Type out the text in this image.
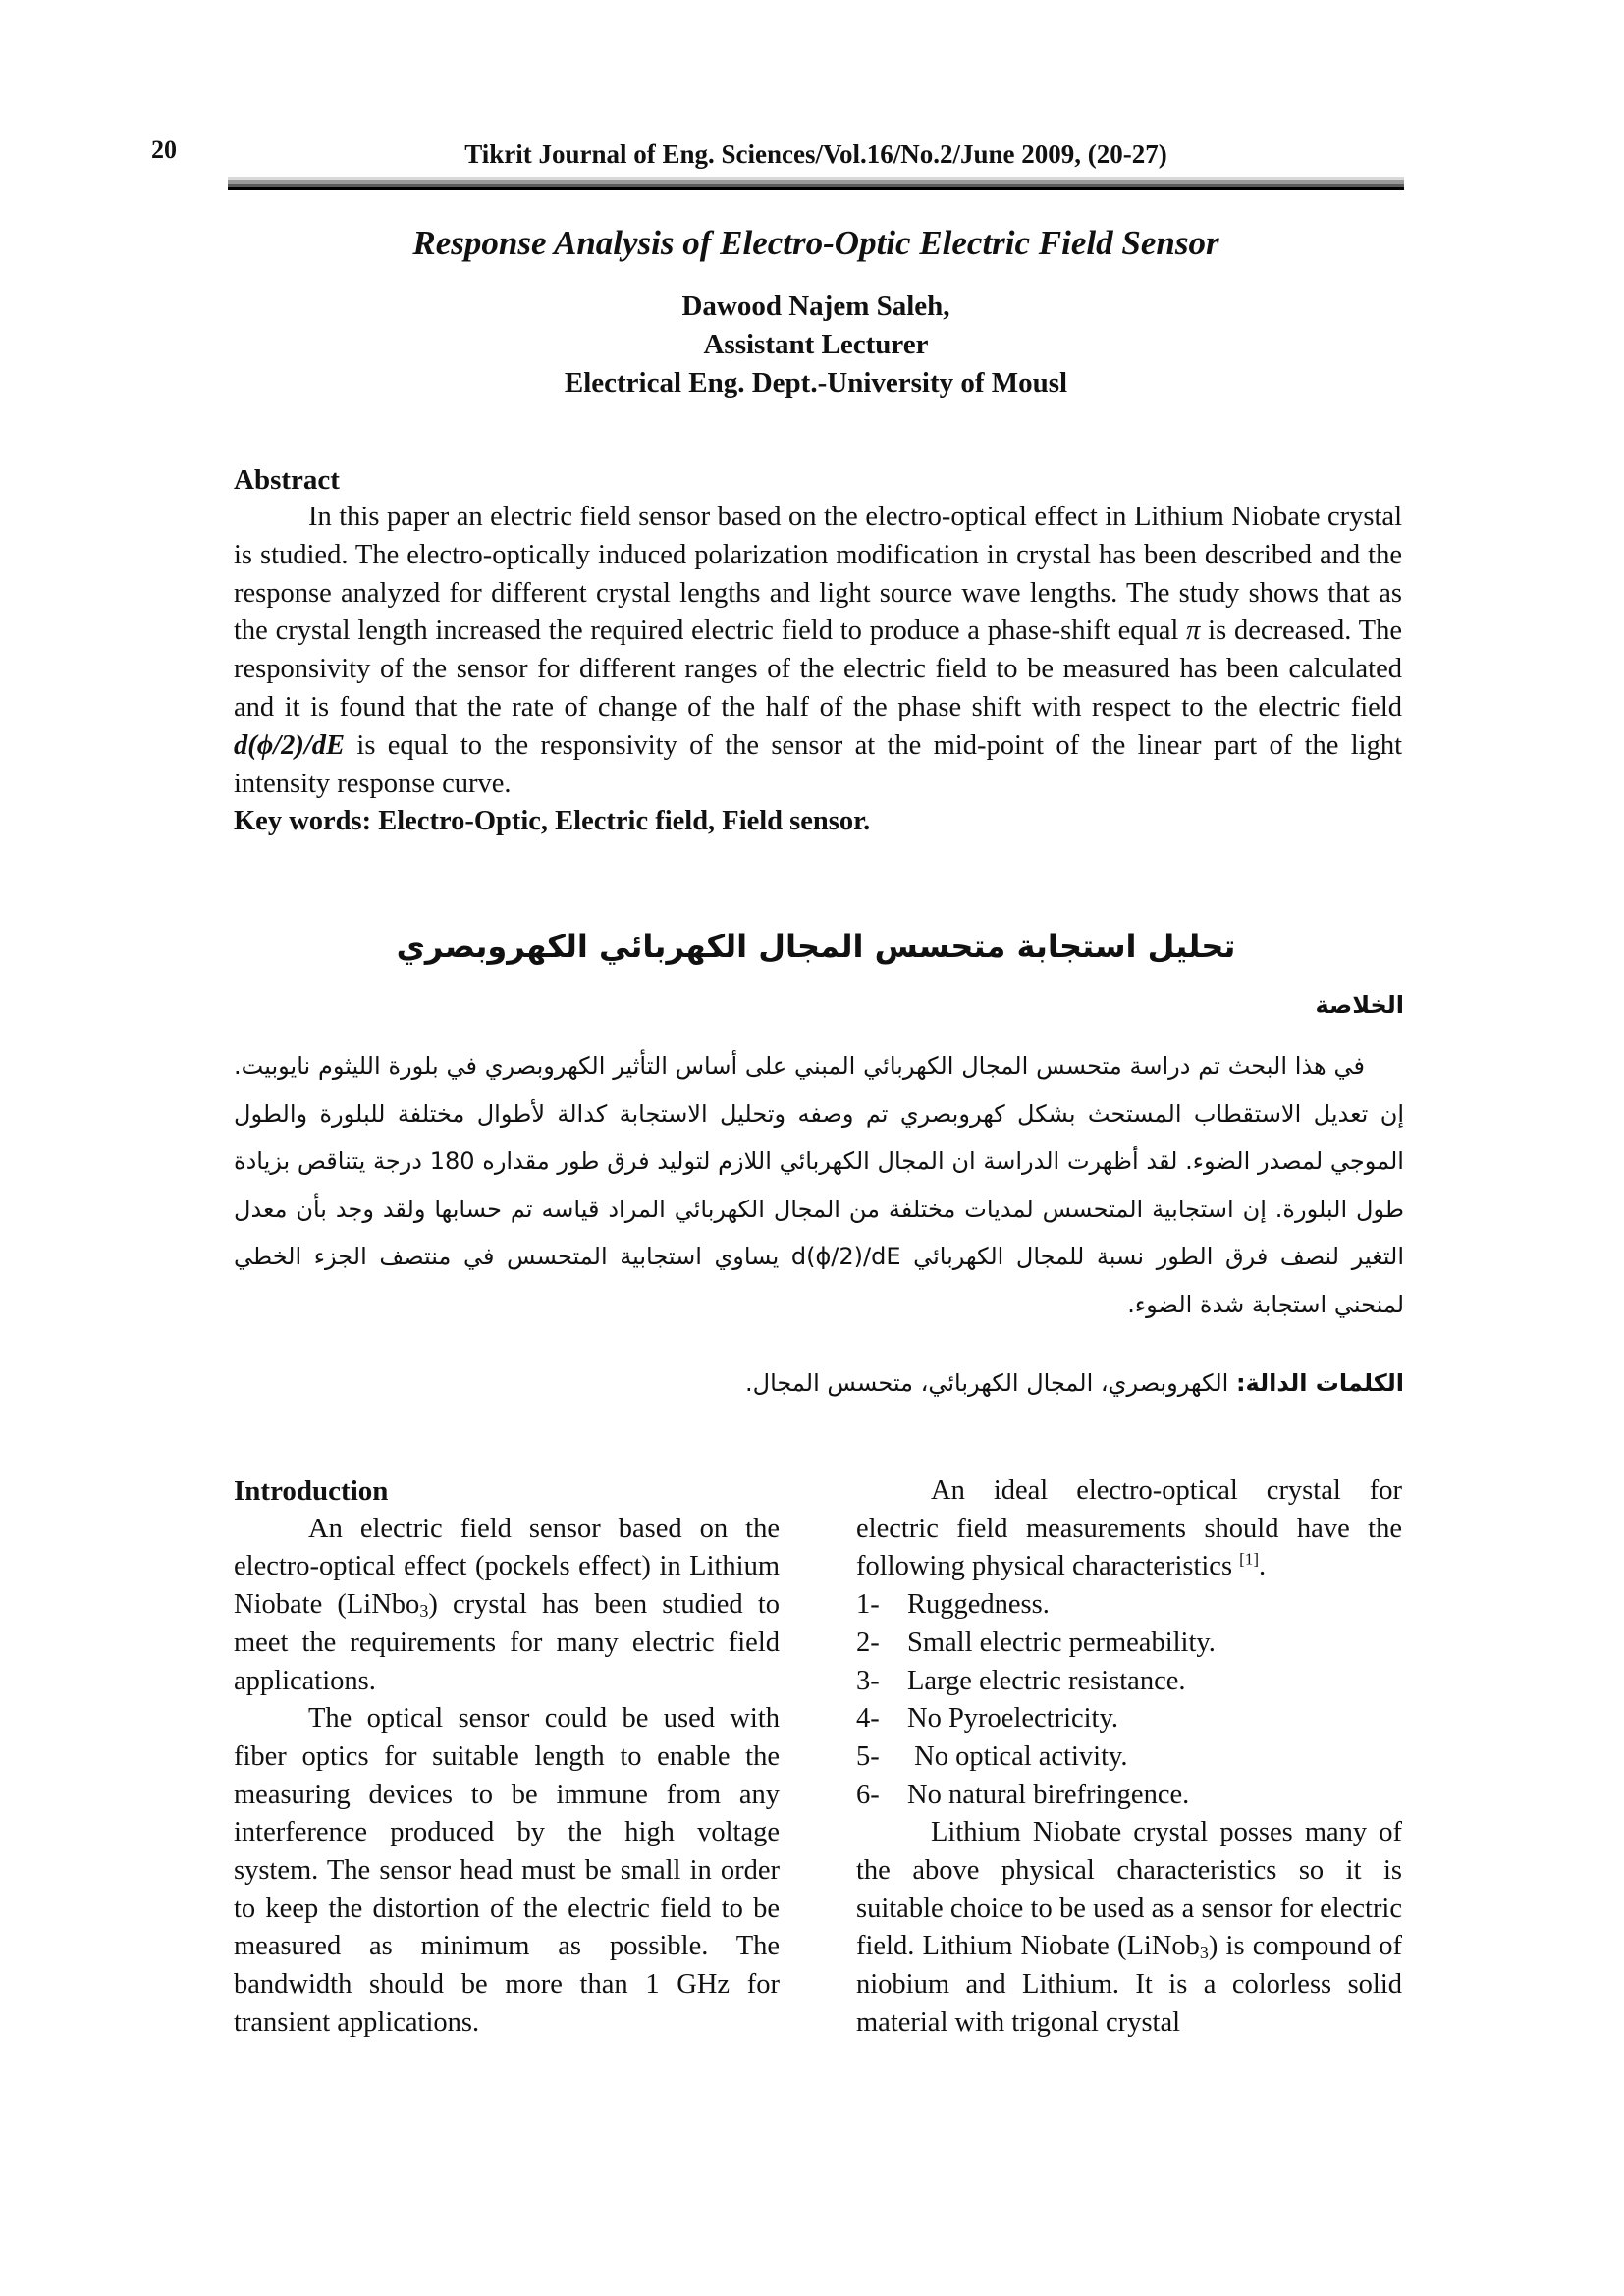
20	Tikrit Journal of Eng. Sciences/Vol.16/No.2/June 2009, (20-27)
Response Analysis of Electro-Optic Electric Field Sensor
Dawood Najem Saleh,
Assistant Lecturer
Electrical Eng. Dept.-University of Mousl
Abstract

In this paper an electric field sensor based on the electro-optical effect in Lithium Niobate crystal is studied. The electro-optically induced polarization modification in crystal has been described and the response analyzed for different crystal lengths and light source wave lengths. The study shows that as the crystal length increased the required electric field to produce a phase-shift equal π is decreased. The responsivity of the sensor for different ranges of the electric field to be measured has been calculated and it is found that the rate of change of the half of the phase shift with respect to the electric field d(ϕ/2)/dE is equal to the responsivity of the sensor at the mid-point of the linear part of the light intensity response curve.

Key words: Electro-Optic, Electric field, Field sensor.
تحليل استجابة متحسس المجال الكهربائي الكهروبصري
الخلاصة

في هذا البحث تم دراسة متحسس المجال الكهربائي المبني على أساس التأثير الكهروبصري في بلورة الليثوم نايوبيت. إن تعديل الاستقطاب المستحث بشكل كهروبصري تم وصفه وتحليل الاستجابة كدالة لأطوال مختلفة للبلورة والطول الموجي لمصدر الضوء. لقد أظهرت الدراسة ان المجال الكهربائي اللازم لتوليد فرق طور مقداره 180 درجة يتناقص بزيادة طول البلورة. إن استجابية المتحسس لمديات مختلفة من المجال الكهربائي المراد قياسه تم حسابها ولقد وجد بأن معدل التغير لنصف فرق الطور نسبة للمجال الكهربائي d(ϕ/2)/dE يساوي استجابية المتحسس في منتصف الجزء الخطي لمنحني استجابة شدة الضوء.

الكلمات الدالة: الكهروبصري، المجال الكهربائي، متحسس المجال.
Introduction

An electric field sensor based on the electro-optical effect (pockels effect) in Lithium Niobate (LiNbo$_3$) crystal has been studied to meet the requirements for many electric field applications.

The optical sensor could be used with fiber optics for suitable length to enable the measuring devices to be immune from any interference produced by the high voltage system. The sensor head must be small in order to keep the distortion of the electric field to be measured as minimum as possible. The bandwidth should be more than 1 GHz for transient applications.

An ideal electro-optical crystal for electric field measurements should have the following physical characteristics [1].

1- Ruggedness.
2- Small electric permeability.
3- Large electric resistance.
4- No Pyroelectricity.
5- No optical activity.
6- No natural birefringence.

Lithium Niobate crystal posses many of the above physical characteristics so it is suitable choice to be used as a sensor for electric field. Lithium Niobate (LiNob$_3$) is compound of niobium and Lithium. It is a colorless solid material with trigonal crystal
